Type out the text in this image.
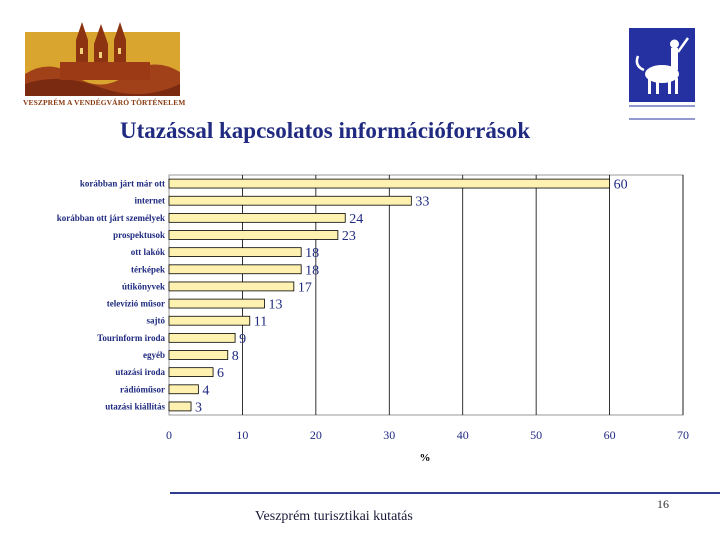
VESZPRÉM A VENDÉGVÁRÓ TÖRTÉNELEM
Utazással kapcsolatos információforrások
60
33
24
23
18
18
17
13
11
9
8
6
4
3
korábban járt már ott
internet
korábban ott járt személyek
prospektusok
ott lakók
térképek
útikönyvek
televízió műsor
sajtó
Tourinform iroda
egyéb
utazási iroda
rádióműsor
utazási kiállítás
0	10	20	30	40	50	60	70
%
Veszprém turisztikai kutatás
16
